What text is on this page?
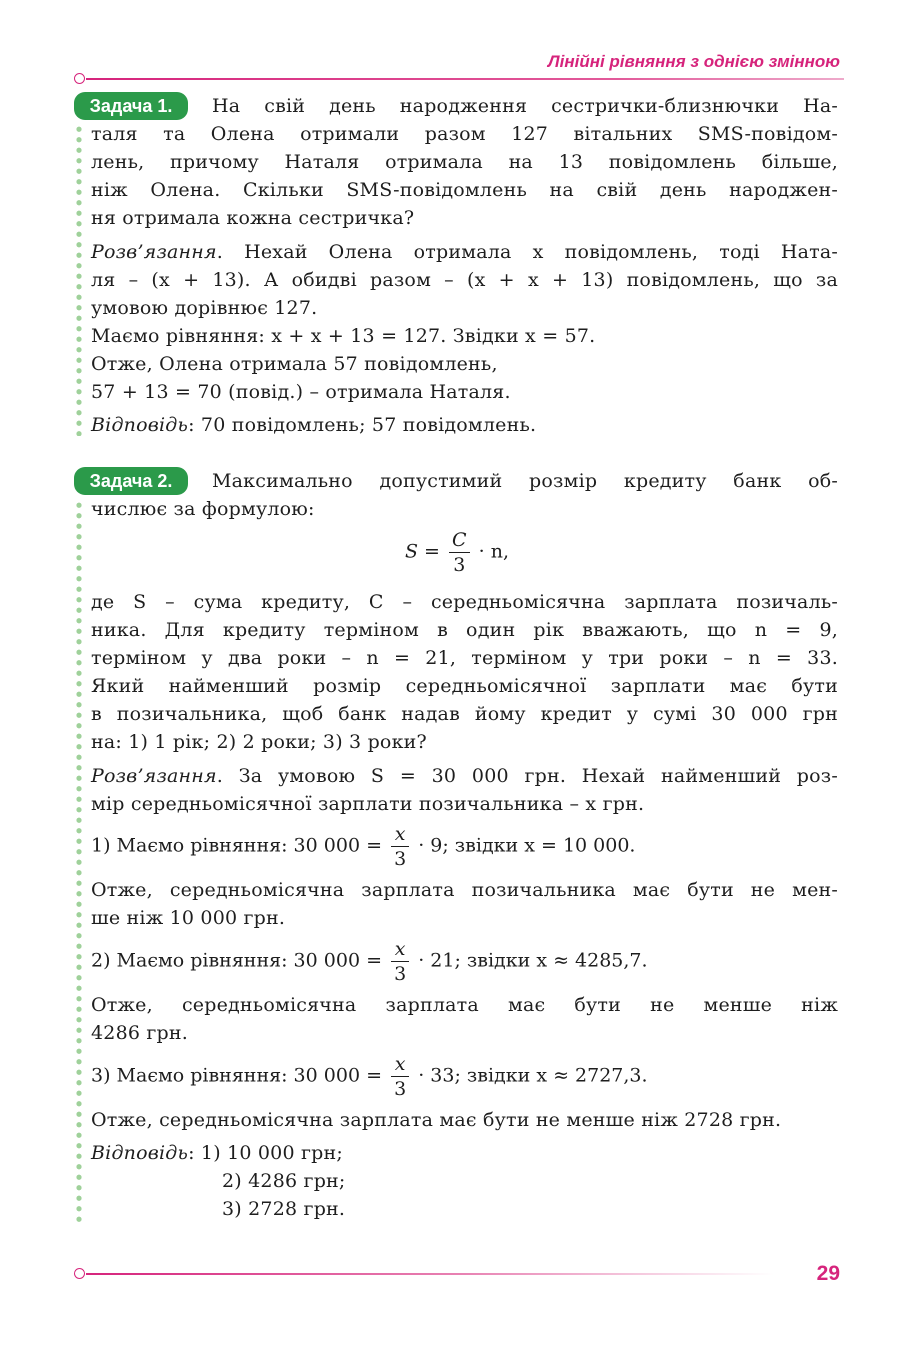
Лінійні рівняння з однією змінною
Задача 1.	На свій день народження сестрички-близнючки На-
таля та Олена отримали разом 127 вітальних SMS-повідом-
лень, причому Наталя отримала на 13 повідомлень більше,
ніж Олена. Скільки SMS-повідомлень на свій день народжен-
ня отримала кожна сестричка?
Розв’язання. Нехай Олена отримала x повідомлень, тоді Ната-
ля – (x + 13). А обидві разом – (x + x + 13) повідомлень, що за
умовою дорівнює 127.
Маємо рівняння: x + x + 13 = 127. Звідки x = 57.
Отже, Олена отримала 57 повідомлень,
57 + 13 = 70 (повід.) – отримала Наталя.
Відповідь: 70 повідомлень; 57 повідомлень.
Задача 2.	Максимально допустимий розмір кредиту банк об-
числює за формулою:
$S = \frac{C}{3} \cdot n$,
де S – сума кредиту, C – середньомісячна зарплата позичаль-
ника. Для кредиту терміном в один рік вважають, що n = 9,
терміном у два роки – n = 21, терміном у три роки – n = 33.
Який найменший розмір середньомісячної зарплати має бути
в позичальника, щоб банк надав йому кредит у сумі 30 000 грн
на: 1) 1 рік; 2) 2 роки; 3) 3 роки?
Розв’язання. За умовою S = 30 000 грн. Нехай найменший роз-
мір середньомісячної зарплати позичальника – x грн.
1) Маємо рівняння: 30 $000 = \frac{x}{3} \cdot 9$; звідки x = 10 000.
Отже, середньомісячна зарплата позичальника має бути не мен-
ше ніж 10 000 грн.
2) Маємо рівняння: 30 $000 = \frac{x}{3} \cdot 21$; звідки x ≈ 4285,7.
Отже, середньомісячна зарплата має бути не менше ніж
4286 грн.
3) Маємо рівняння: 30 $000 = \frac{x}{3} \cdot 33$; звідки x ≈ 2727,3.
Отже, середньомісячна зарплата має бути не менше ніж 2728 грн.
Відповідь: 1) 10 000 грн;
2) 4286 грн;
3) 2728 грн.
29
